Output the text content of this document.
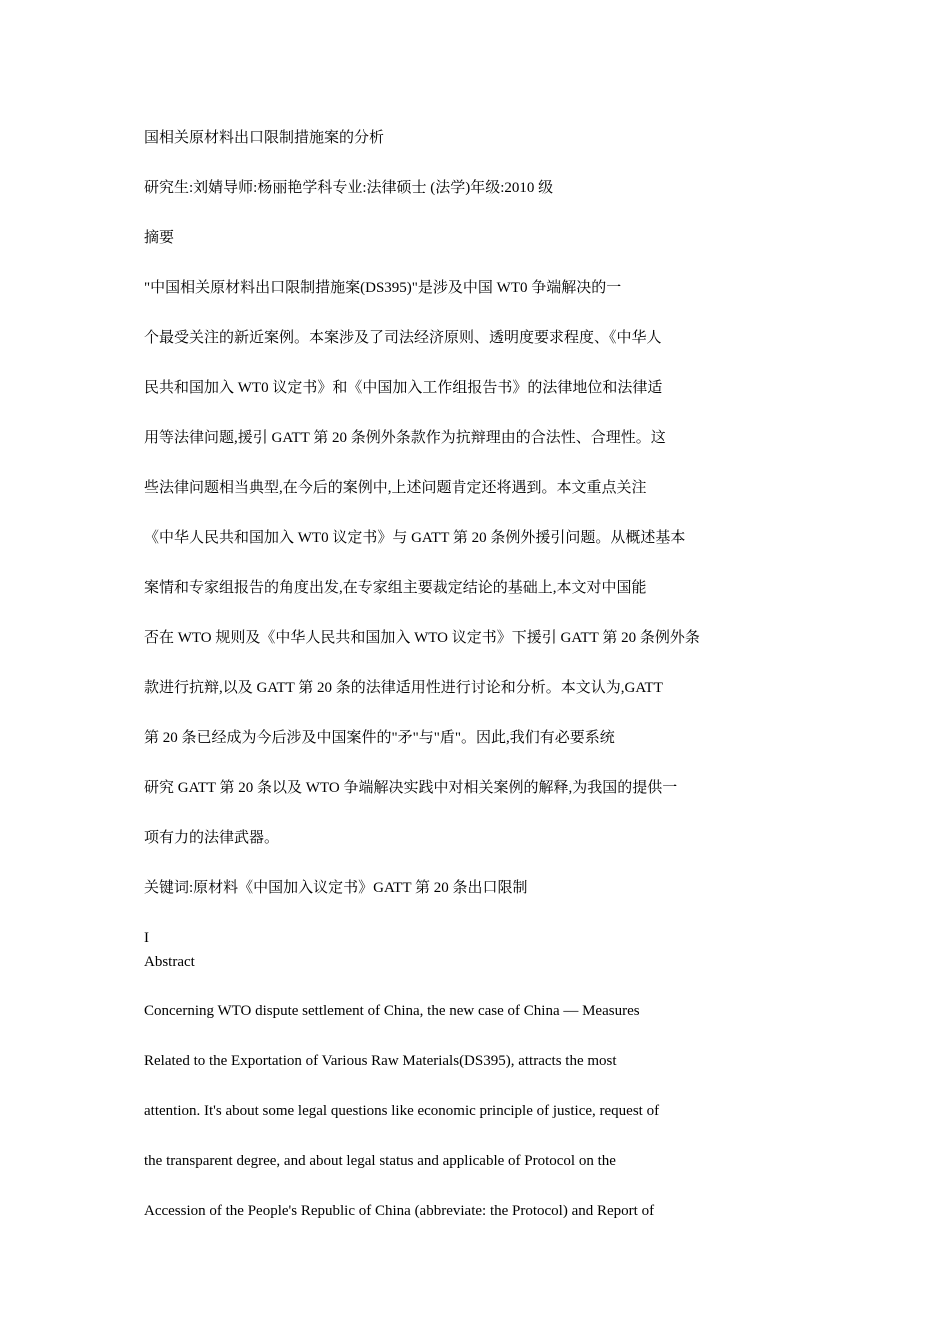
国相关原材料出口限制措施案的分析
研究生:刘婧导师:杨丽艳学科专业:法律硕士 (法学)年级:2010 级
摘要
"中国相关原材料出口限制措施案(DS395)"是涉及中国 WT0 争端解决的一
个最受关注的新近案例。本案涉及了司法经济原则、透明度要求程度、《中华人
民共和国加入 WT0 议定书》和《中国加入工作组报告书》的法律地位和法律适
用等法律问题,援引 GATT 第 20 条例外条款作为抗辩理由的合法性、合理性。这
些法律问题相当典型,在今后的案例中,上述问题肯定还将遇到。本文重点关注
《中华人民共和国加入 WT0 议定书》与 GATT 第 20 条例外援引问题。从概述基本
案情和专家组报告的角度出发,在专家组主要裁定结论的基础上,本文对中国能
否在 WTO 规则及《中华人民共和国加入 WTO 议定书》下援引 GATT 第 20 条例外条
款进行抗辩,以及 GATT 第 20 条的法律适用性进行讨论和分析。本文认为,GATT
第 20 条已经成为今后涉及中国案件的"矛"与"盾"。因此,我们有必要系统
研究 GATT 第 20 条以及 WTO 争端解决实践中对相关案例的解释,为我国的提供一
项有力的法律武器。
关键词:原材料《中国加入议定书》GATT 第 20 条出口限制
I
Abstract
Concerning WTO dispute settlement of China, the new case of China — Measures
Related to the Exportation of Various Raw Materials(DS395), attracts the most
attention. It's about some legal questions like economic principle of justice, request of
the transparent degree, and about legal status and applicable of Protocol on the
Accession of the People's Republic of China (abbreviate: the Protocol) and Report of
